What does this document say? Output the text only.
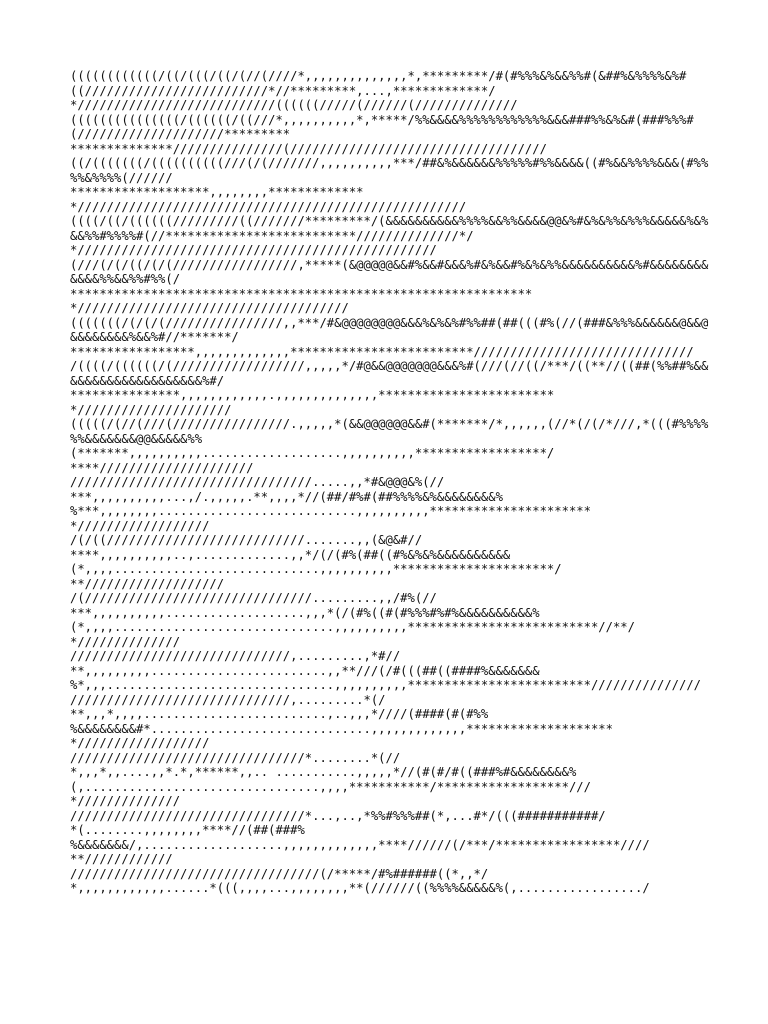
((((((((((((/((/(((/((/(//(////*,,,,,,,,,,,,,,*,*********/#(#%%%&%&&%%#(&##%&%%%%&%#((/////////////////////////*//*********,...,*************/
*///////////////////////////((((((/////(//////(//////////////
(((((((((((((((/((((((/((///*,,,,,,,,,,*,*****/%%&&&&%%%%%%%%%%%%&&&###%%&%&#(###%%%#(////////////////////*********
**************///////////////(///////////////////////////////////
((/(((((((/((((((((((///(/(///////,,,,,,,,,,***/##&%&&&&&&%%%%%#%%&&&&((#%&&%%%%&&&(#%%%%&%%%%(//////
*******************,,,,,,,,**************/////////////////////////////////////////////////////
((((/((/((((((/////////((///////*********/(&&&&&&&&&&%%%%&&%%&&&&@@&%#&%&%%&%%%&&&&&%&%&&%%#%%%%#(//**************************//////////////*/
*/////////////////////////////////////////////////
(///(/(/((/(/(/////////////////,*****(&@@@@@&&#%&&#&&&%#&%&&#%&%&%%&&&&&&&&&&%#&&&&&&&&&&&&%%&&%%#%%(/
****************************************************************/////////////////////////////////////
(((((((/(/(/(////////////////,,***/#&@@@@@@@@&&&%&%&%#%%##(##(((#%(//(###&%%%&&&&&&@&&@&&&&&&&&%&&%#//*******/
*****************,,,,,,,,,,,,,*************************//////////////////////////////
/((((/((((((/(//////////////////,,,,,*/#@&&@@@@@@@&&&%#(///(//((/***/((**//((##(%%##%&&&&&&&&&&&&&&&&&&&&%#/
***************,,,,,,,,,,,,.,,,,,,,,,,,,,,*************************/////////////////////
(((((/(//(///(////////////////.,,,,,*(&&@@@@@@&&#(*******/*,,,,,,(//*(/(/*///,*(((#%%%%%%&&&&&&&@@&&&&&%%
(*******,,,,,,,,,,...................,,,,,,,,,,******************/
****/////////////////////
/////////////////////////////////.....,,*#&@@@&%(//
***,,,,,,,,,,...,/.,,,,,.**,,,,*//(##/#%#(##%%%%&%&&&&&&&&%
%***,,,,,,,,...........................,,,,,,,,,,***********************//////////////////
/(/((///////////////////////////.......,,(&@&#//
****,,,,,,,,,,..,.............,,*/(/(#%(##((#%&%&%&&&&&&&&&&(*,,,,............................,,,,,,,,,,**********************/
**///////////////////
/(///////////////////////////////.........,,/#%(//
***,,,,,,,,,,...................,,,*(/(#%((#(#%%%#%#%&&&&&&&&&&%
(*,,,,..............................,,,,,,,,,,**************************//**/
*//////////////
//////////////////////////////,.........,*#//
**,,,,,,,,,........................,,**///(/#(((##((####%&&&&&&&
%*,,,...............................,,,,,,,,,,*************************///////////////
//////////////////////////////,.........*(/
**,,,*,,,,.........................,..,,,*////(####(#(#%%
%&&&&&&&&#*..............................,,,,,,,,,,,,,*********************//////////////////
////////////////////////////////*........*(//
*,,,*,,....,,*.*,******,,.. ...........,,,,,*//(#(#/#((###%#&&&&&&&&%
(,................................,,,,***********/******************///
*//////////////
////////////////////////////////*...,..,*%%#%%%##(*,...#*/(((###########/
*(........,,,,,,,,****//(##(###%
%&&&&&&&/,...................,,,,,,,,,,,,,****//////(/***/*****************////
**////////////
//////////////////////////////////(/*****/#%######((*,,*/
*,,,,,,,,,,,,......*(((,,,,...,,,,,,,,**(//////((%%%%&&&&&%(,................./
